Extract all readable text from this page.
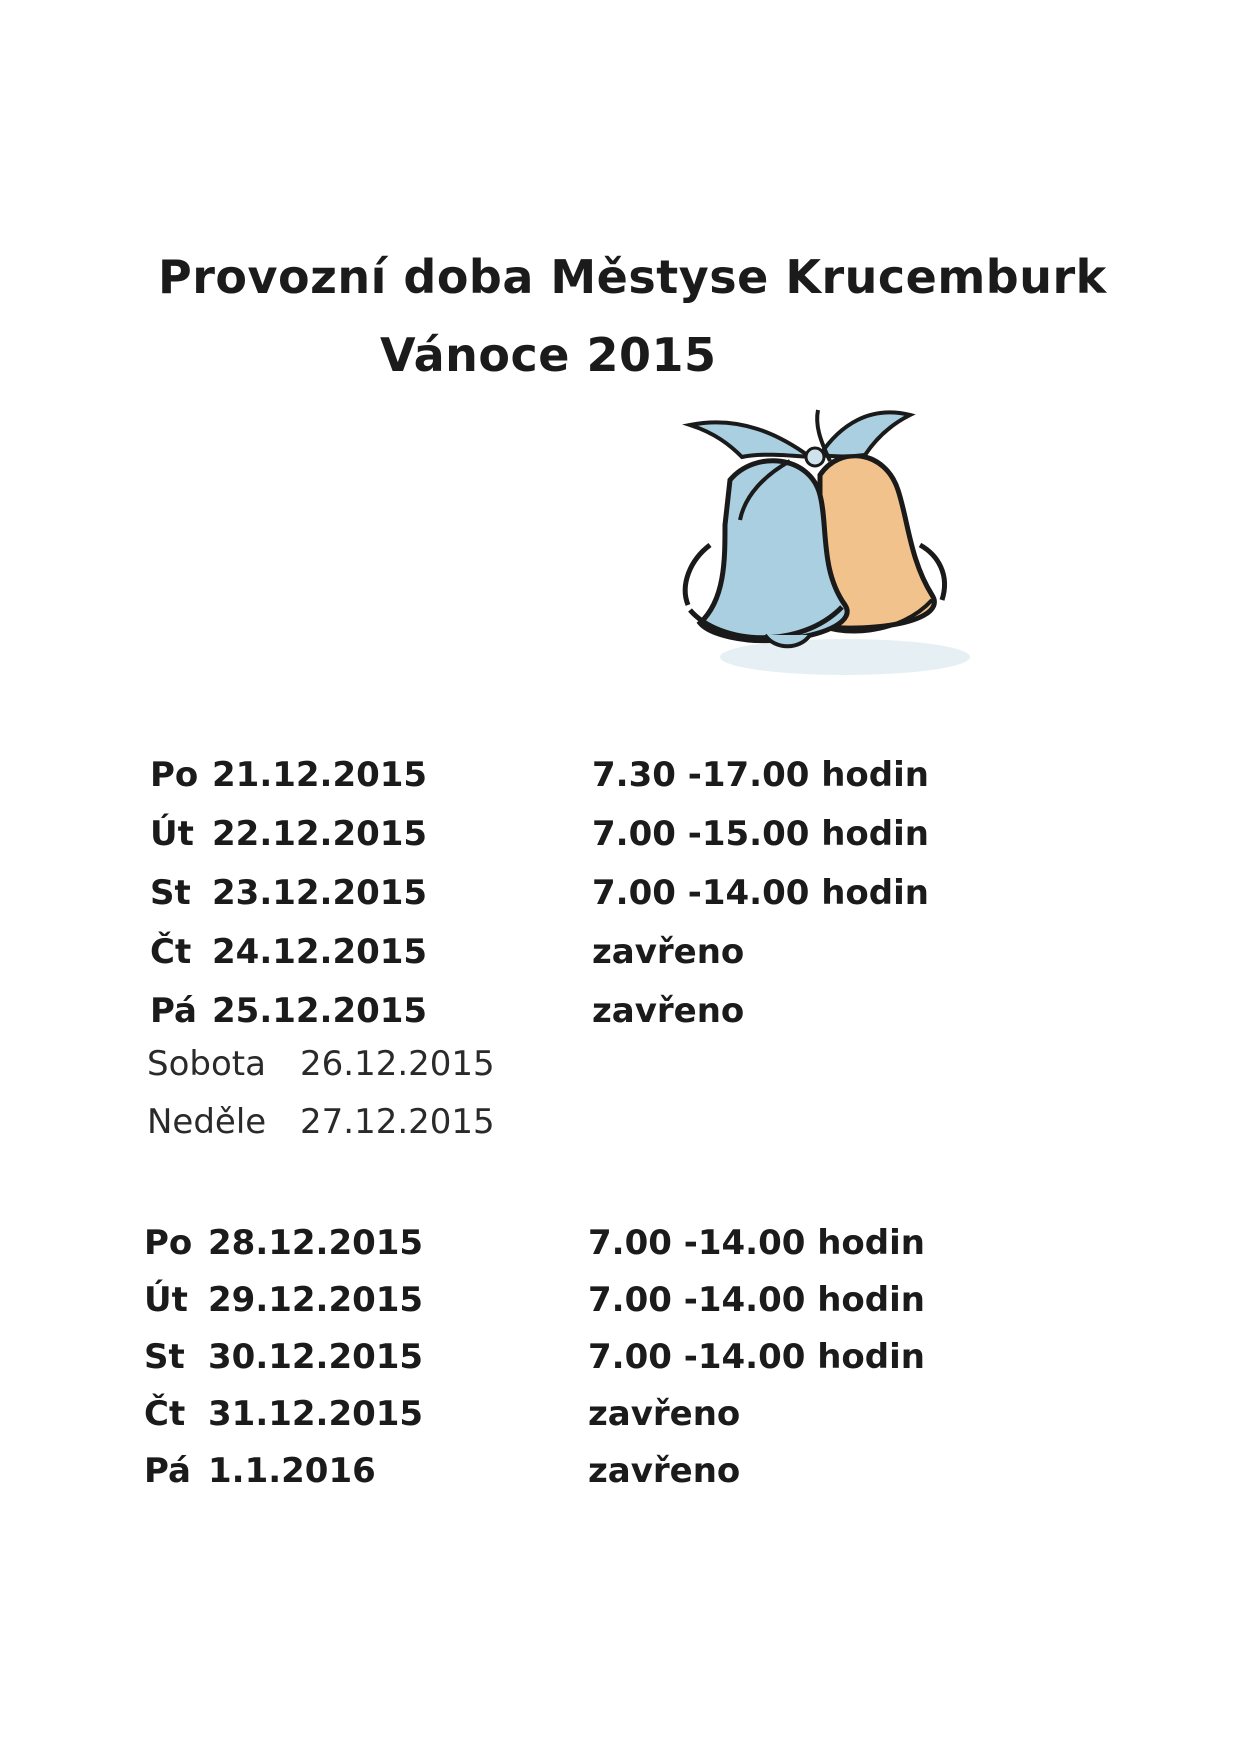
Provozní doba Městyse Krucemburk
Vánoce 2015
Po 21.12.2015	7.30 -17.00 hodin
Út 22.12.2015	7.00 -15.00 hodin
St 23.12.2015	7.00 -14.00 hodin
Čt 24.12.2015	zavřeno
Pá 25.12.2015	zavřeno
Sobota 26.12.2015
Neděle 27.12.2015
Po 28.12.2015	7.00 -14.00 hodin
Út 29.12.2015	7.00 -14.00 hodin
St 30.12.2015	7.00 -14.00 hodin
Čt 31.12.2015	zavřeno
Pá 1.1.2016	zavřeno
